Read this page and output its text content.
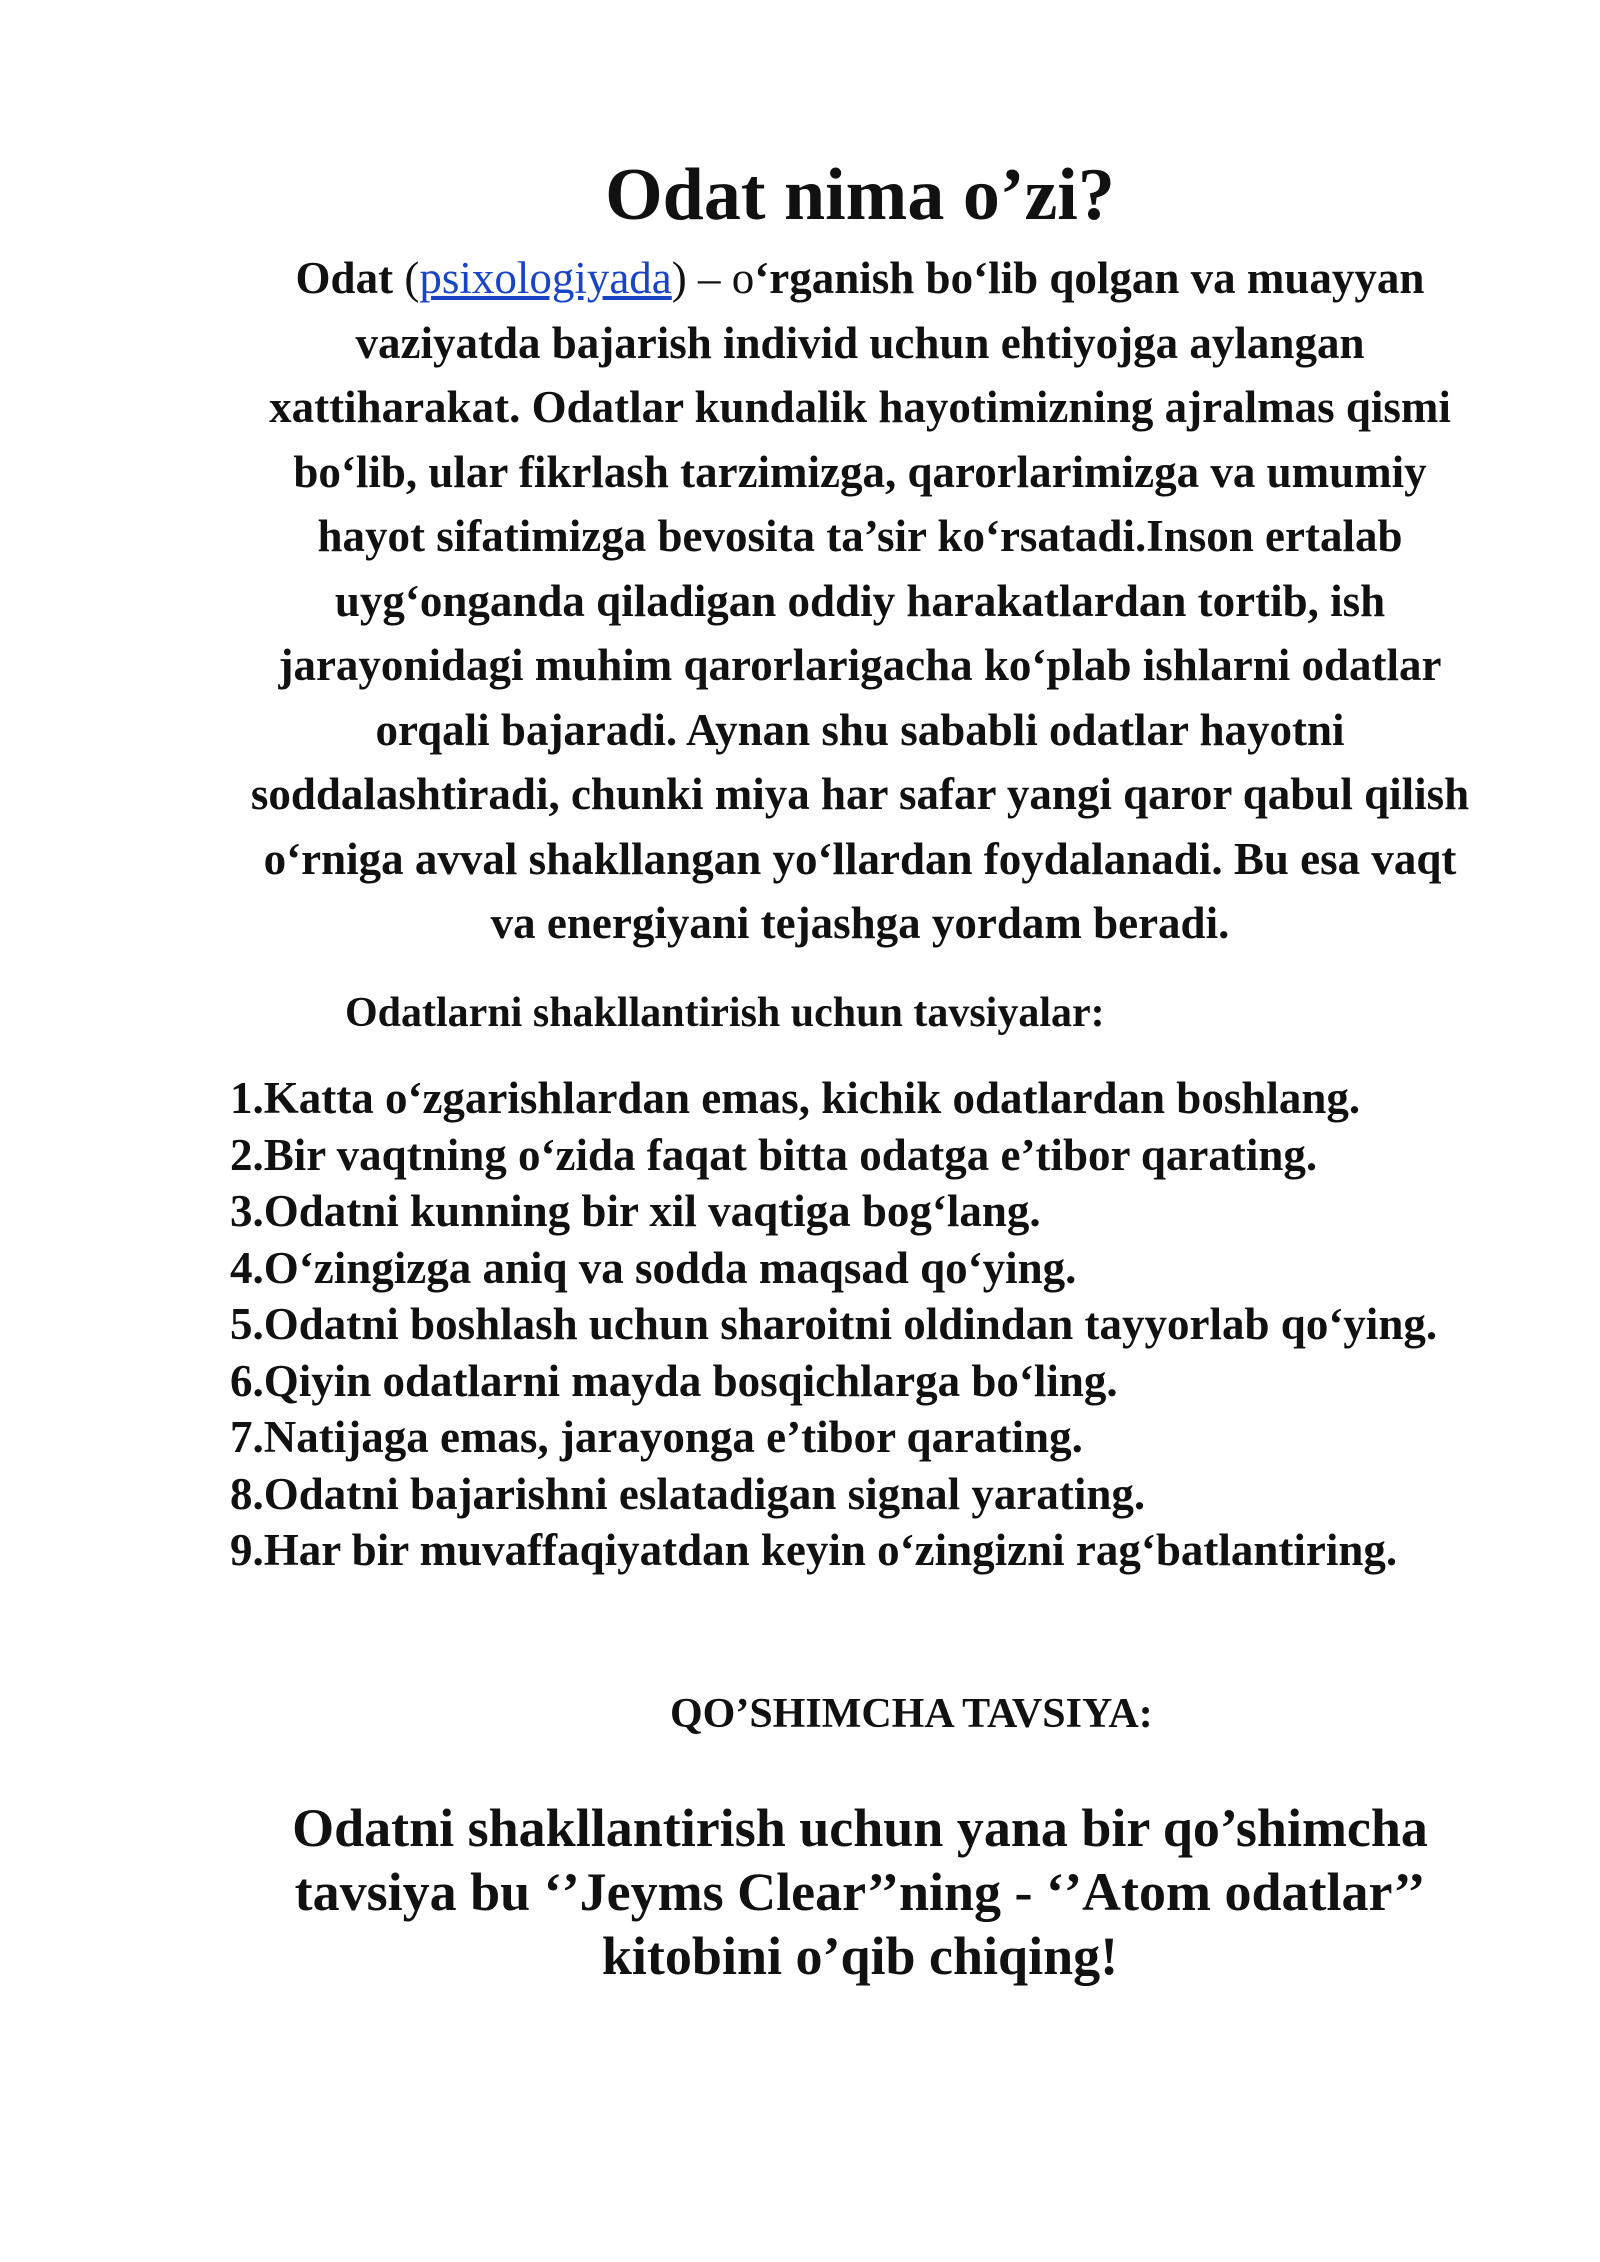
Odat nima o’zi?

Odat (psixologiyada) – o‘rganish bo‘lib qolgan va muayyan vaziyatda bajarish individ uchun ehtiyojga aylangan xattiharakat. Odatlar kundalik hayotimizning ajralmas qismi bo‘lib, ular fikrlash tarzimizga, qarorlarimizga va umumiy hayot sifatimizga bevosita ta’sir ko‘rsatadi.Inson ertalab uyg‘onganda qiladigan oddiy harakatlardan tortib, ish jarayonidagi muhim qarorlarigacha ko‘plab ishlarni odatlar orqali bajaradi. Aynan shu sababli odatlar hayotni soddalashtiradi, chunki miya har safar yangi qaror qabul qilish o‘rniga avval shakllangan yo‘llardan foydalanadi. Bu esa vaqt va energiyani tejashga yordam beradi.

Odatlarni shakllantirish uchun tavsiyalar:
1.Katta o‘zgarishlardan emas, kichik odatlardan boshlang.
2.Bir vaqtning o‘zida faqat bitta odatga e’tibor qarating.
3.Odatni kunning bir xil vaqtiga bog‘lang.
4.O‘zingizga aniq va sodda maqsad qo‘ying.
5.Odatni boshlash uchun sharoitni oldindan tayyorlab qo‘ying.
6.Qiyin odatlarni mayda bosqichlarga bo‘ling.
7.Natijaga emas, jarayonga e’tibor qarating.
8.Odatni bajarishni eslatadigan signal yarating.
9.Har bir muvaffaqiyatdan keyin o‘zingizni rag‘batlantiring.
QO’SHIMCHA TAVSIYA:

Odatni shakllantirish uchun yana bir qo’shimcha tavsiya bu ‘’Jeyms Clear’’ning - ‘’Atom odatlar’’ kitobini o’qib chiqing!
